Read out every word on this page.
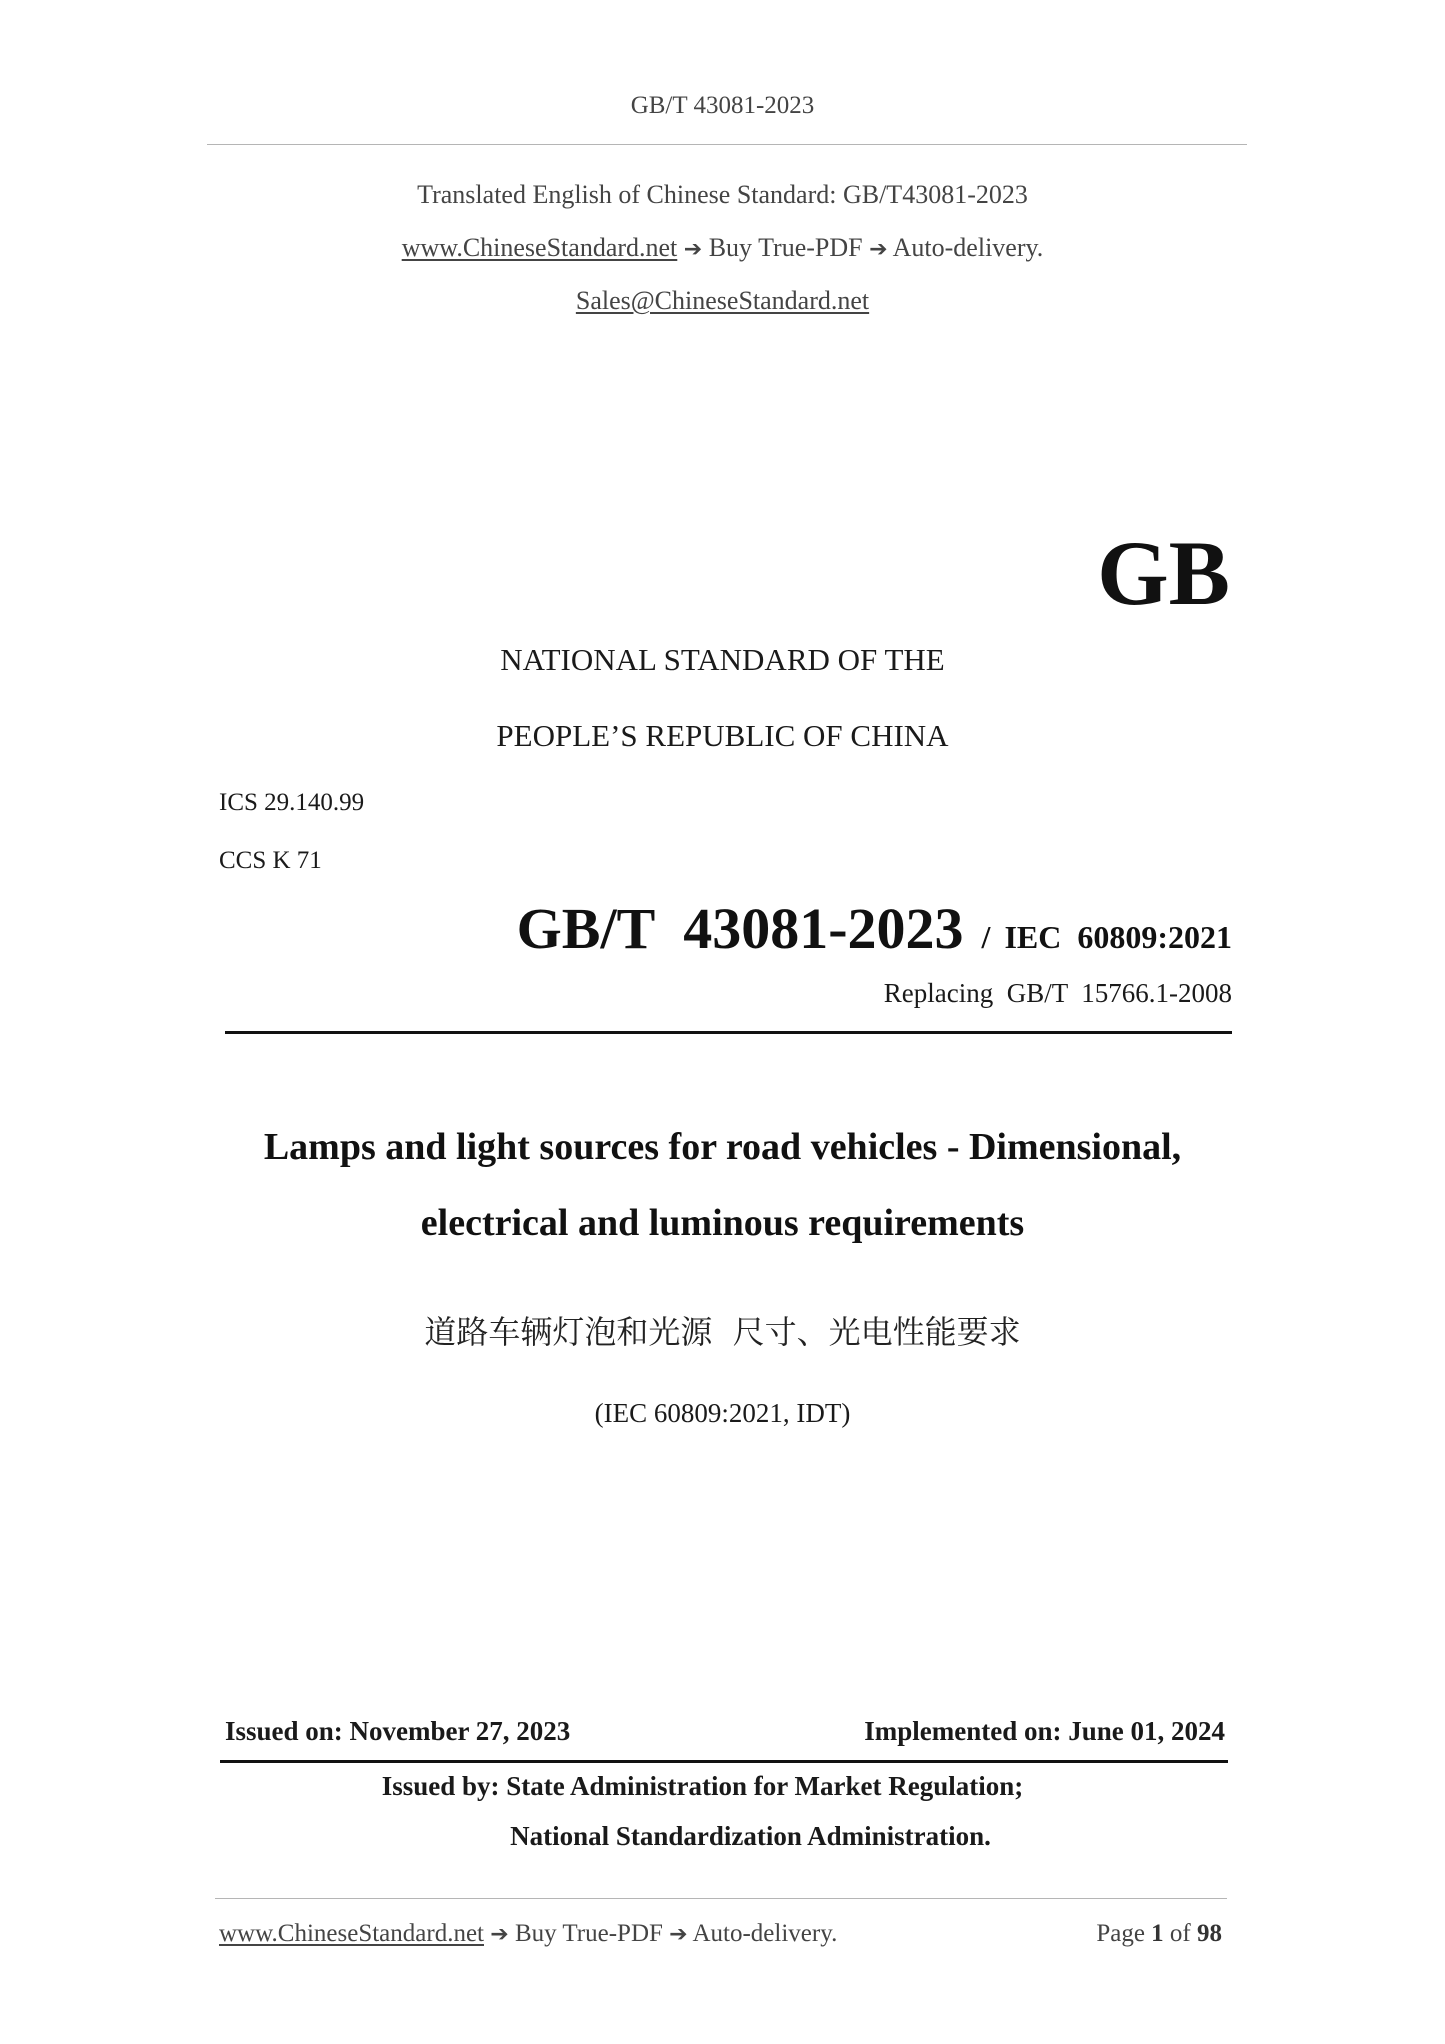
GB/T 43081-2023
Translated English of Chinese Standard: GB/T43081-2023
www.ChineseStandard.net ➔ Buy True-PDF ➔ Auto-delivery.
Sales@ChineseStandard.net
GB
NATIONAL STANDARD OF THE
PEOPLE’S REPUBLIC OF CHINA
ICS 29.140.99
CCS K 71
GB/T  43081-2023 / IEC  60809:2021
Replacing  GB/T  15766.1-2008
Lamps and light sources for road vehicles - Dimensional,
electrical and luminous requirements
道路车辆灯泡和光源  尺寸、光电性能要求
(IEC 60809:2021, IDT)
Issued on: November 27, 2023	Implemented on: June 01, 2024
Issued by: State Administration for Market Regulation;
National Standardization Administration.
www.ChineseStandard.net ➔ Buy True-PDF ➔ Auto-delivery.	Page 1 of 98
